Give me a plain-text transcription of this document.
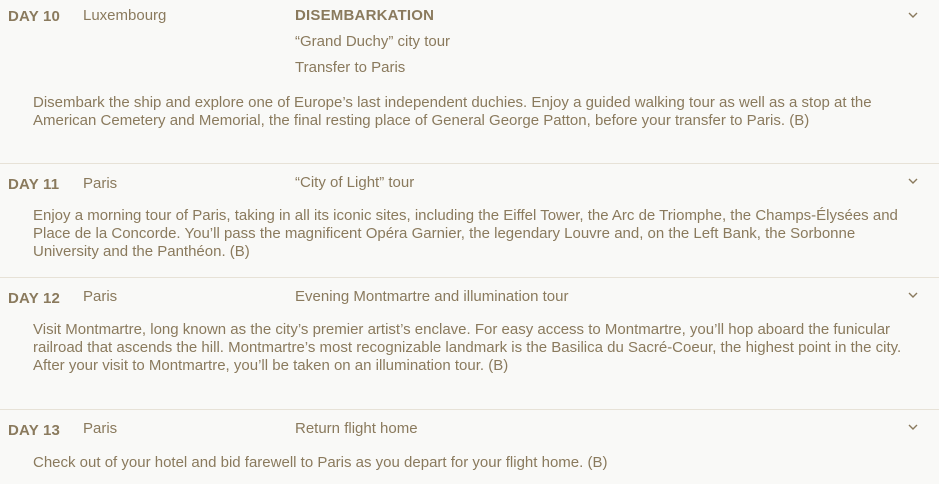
DAY 10 Luxembourg	DISEMBARKATION
“Grand Duchy” city tour
Transfer to Paris
Disembark the ship and explore one of Europe’s last independent duchies. Enjoy a guided walking tour as well as a stop at the American Cemetery and Memorial, the final resting place of General George Patton, before your transfer to Paris. (B)
DAY 11 Paris	“City of Light” tour
Enjoy a morning tour of Paris, taking in all its iconic sites, including the Eiffel Tower, the Arc de Triomphe, the Champs-Élysées and Place de la Concorde. You’ll pass the magnificent Opéra Garnier, the legendary Louvre and, on the Left Bank, the Sorbonne University and the Panthéon. (B)
DAY 12 Paris	Evening Montmartre and illumination tour
Visit Montmartre, long known as the city’s premier artist’s enclave. For easy access to Montmartre, you’ll hop aboard the funicular railroad that ascends the hill. Montmartre’s most recognizable landmark is the Basilica du Sacré-Coeur, the highest point in the city. After your visit to Montmartre, you’ll be taken on an illumination tour. (B)
DAY 13 Paris	Return flight home
Check out of your hotel and bid farewell to Paris as you depart for your flight home. (B)
